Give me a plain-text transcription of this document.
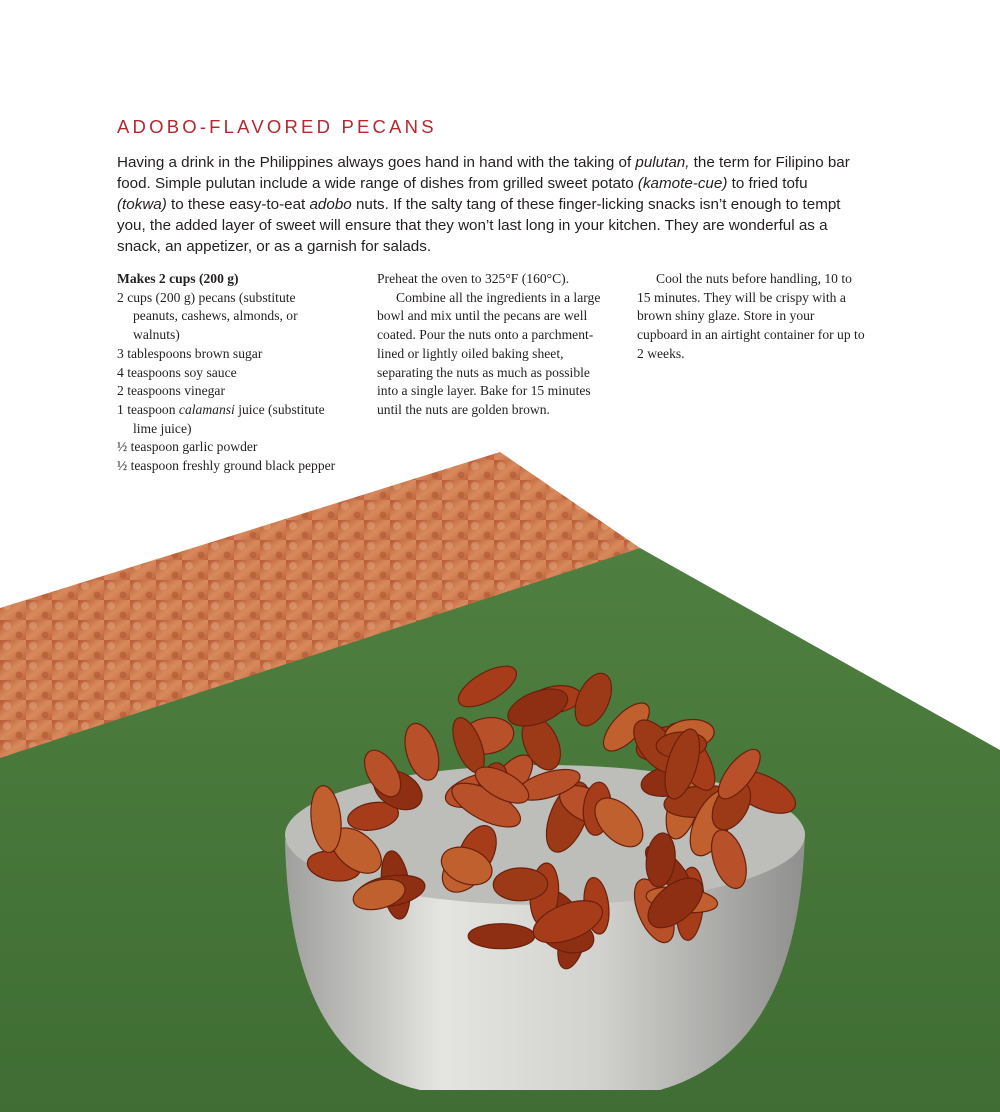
ADOBO-FLAVORED PECANS

Having a drink in the Philippines always goes hand in hand with the taking of pulutan, the term for Filipino bar food. Simple pulutan include a wide range of dishes from grilled sweet potato (kamote-cue) to fried tofu (tokwa) to these easy-to-eat adobo nuts. If the salty tang of these finger-licking snacks isn’t enough to tempt you, the added layer of sweet will ensure that they won’t last long in your kitchen. They are wonderful as a snack, an appetizer, or as a garnish for salads.

Makes 2 cups (200 g)

2 cups (200 g) pecans (substitute peanuts, cashews, almonds, or walnuts)
3 tablespoons brown sugar
4 teaspoons soy sauce
2 teaspoons vinegar
1 teaspoon calamansi juice (substitute lime juice)
½ teaspoon garlic powder
½ teaspoon freshly ground black pepper

Preheat the oven to 325°F (160°C).

Combine all the ingredients in a large bowl and mix until the pecans are well coated. Pour the nuts onto a parchment-lined or lightly oiled baking sheet, separating the nuts as much as possible into a single layer. Bake for 15 minutes until the nuts are golden brown.

Cool the nuts before handling, 10 to 15 minutes. They will be crispy with a brown shiny glaze. Store in your cupboard in an airtight container for up to 2 weeks.
